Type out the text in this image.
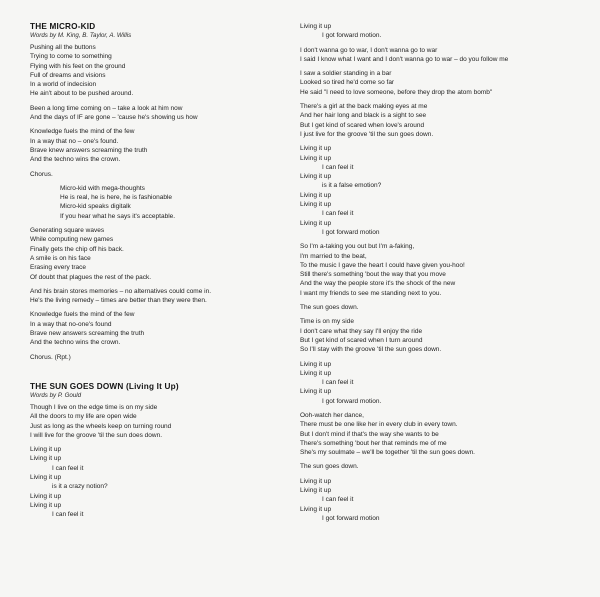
THE MICRO-KID
Words by M. King, B. Taylor, A. Willis
Pushing all the buttons
Trying to come to something
Flying with his feet on the ground
Full of dreams and visions
In a world of indecision
He ain't about to be pushed around.
Been a long time coming on – take a look at him now
And the days of IF are gone – 'cause he's showing us how
Knowledge fuels the mind of the few
In a way that no – one's found.
Brave knew answers screaming the truth
And the techno wins the crown.
Chorus.
Micro-kid with mega-thoughts
He is real, he is here, he is fashionable
Micro-kid speaks digitalk
If you hear what he says it's acceptable.
Generating square waves
While computing new games
Finally gets the chip off his back.
A smile is on his face
Erasing every trace
Of doubt that plagues the rest of the pack.
And his brain stores memories – no alternatives could come in.
He's the living remedy – times are better than they were then.
Knowledge fuels the mind of the few
In a way that no-one's found
Brave new answers screaming the truth
And the techno wins the crown.
Chorus. (Rpt.)
THE SUN GOES DOWN (Living It Up)
Words by P. Gould
Though I live on the edge time is on my side
All the doors to my life are open wide
Just as long as the wheels keep on turning round
I will live for the groove 'til the sun does down.
Living it up
Living it up
I can feel it
Living it up
is it a crazy notion?
Living it up
Living it up
I can feel it
Living it up
I got forward motion.
I don't wanna go to war, I don't wanna go to war
I said I know what I want and I don't wanna go to war – do you follow me
I saw a soldier standing in a bar
Looked so tired he'd come so far
He said "I need to love someone, before they drop the atom bomb"
There's a girl at the back making eyes at me
And her hair long and black is a sight to see
But I get kind of scared when love's around
I just live for the groove 'til the sun goes down.
Living it up
Living it up
I can feel it
Living it up
is it a false emotion?
Living it up
Living it up
I can feel it
Living it up
I got forward motion
So I'm a-taking you out but I'm a-faking,
I'm married to the beat,
To the music I gave the heart I could have given you-hoo!
Still there's something 'bout the way that you move
And the way the people store it's the shock of the new
I want my friends to see me standing next to you.
The sun goes down.
Time is on my side
I don't care what they say I'll enjoy the ride
But I get kind of scared when I turn around
So I'll stay with the groove 'til the sun goes down.
Living it up
Living it up
I can feel it
Living it up
I got forward motion.
Ooh-watch her dance,
There must be one like her in every club in every town.
But I don't mind if that's the way she wants to be
There's something 'bout her that reminds me of me
She's my soulmate – we'll be together 'til the sun goes down.
The sun goes down.
Living it up
Living it up
I can feel it
Living it up
I got forward motion
